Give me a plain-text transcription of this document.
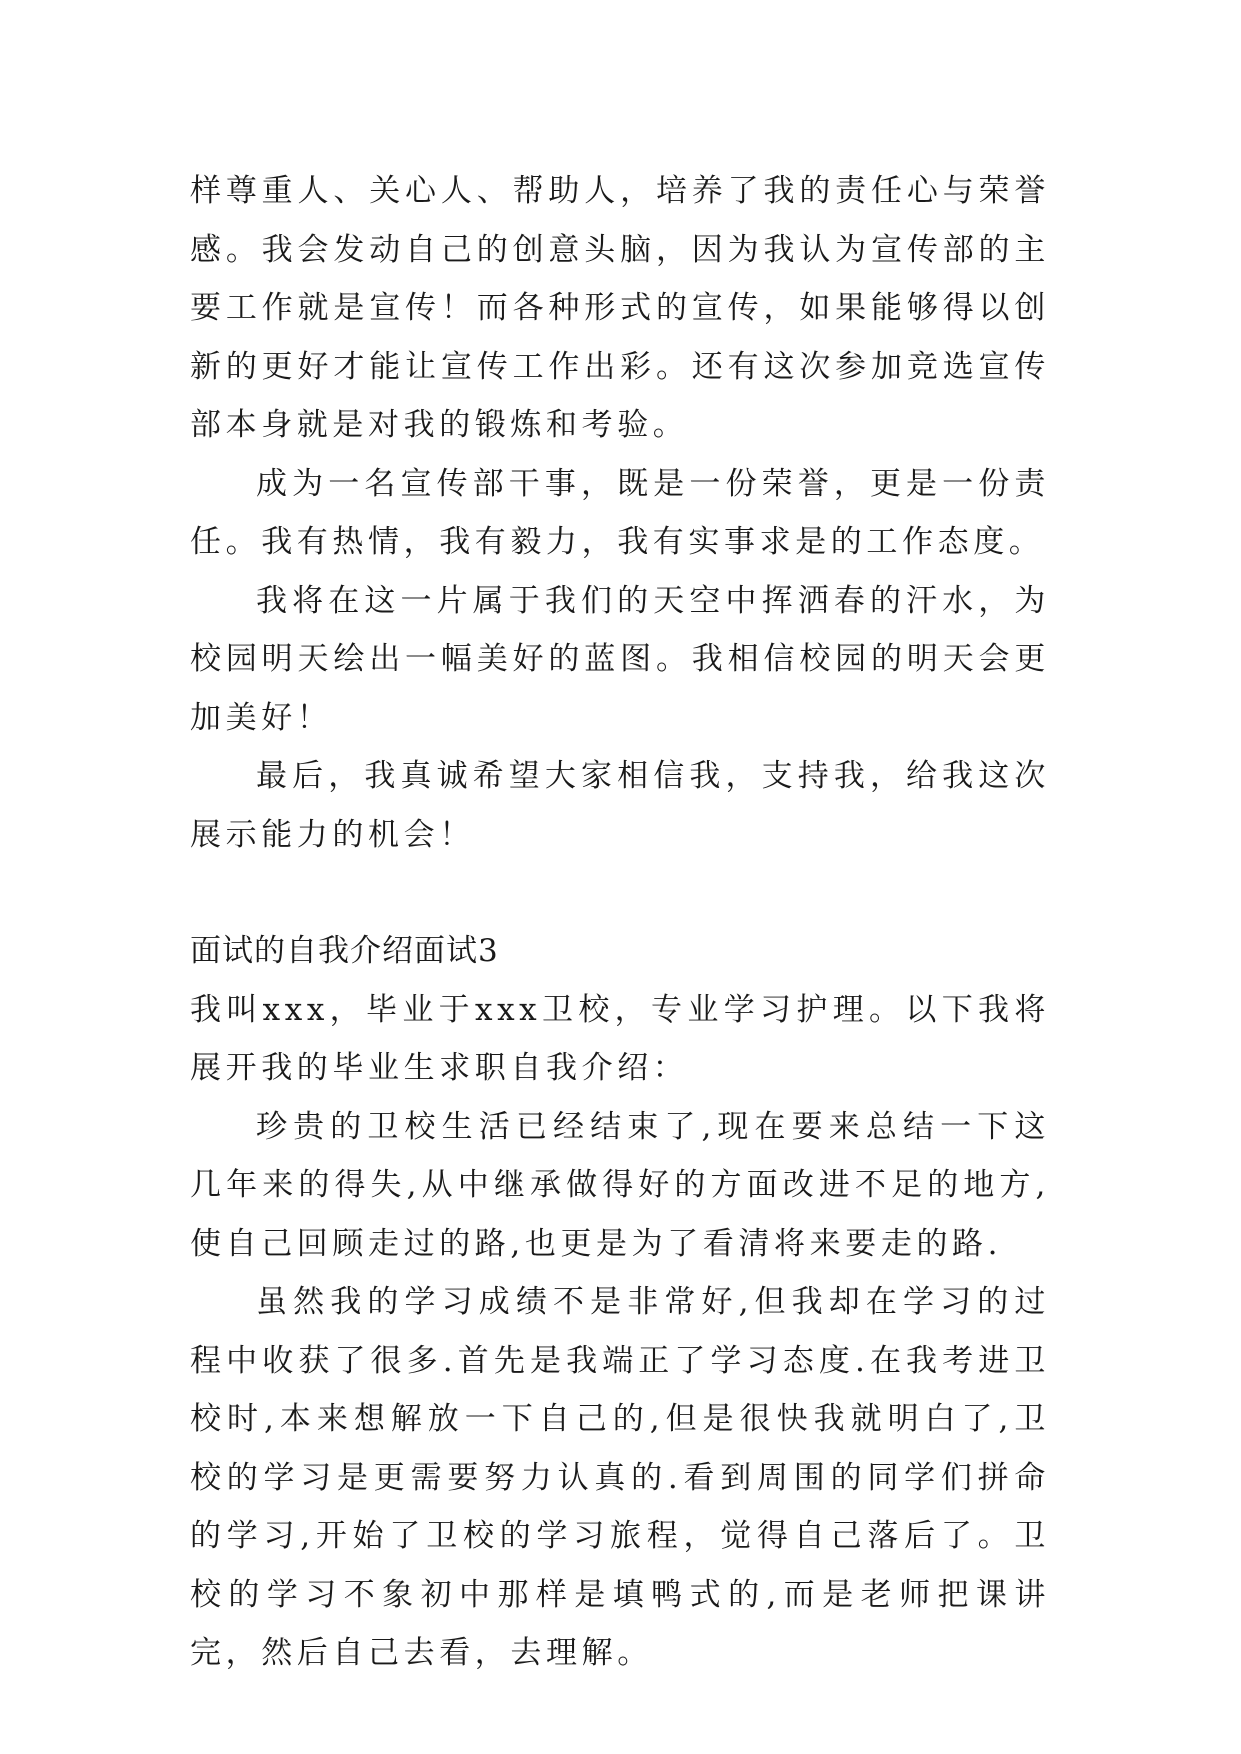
样尊重人、关心人、帮助人，培养了我的责任心与荣誉感。我会发动自己的创意头脑，因为我认为宣传部的主要工作就是宣传！而各种形式的宣传，如果能够得以创新的更好才能让宣传工作出彩。还有这次参加竞选宣传部本身就是对我的锻炼和考验。

成为一名宣传部干事，既是一份荣誉，更是一份责任。我有热情，我有毅力，我有实事求是的工作态度。

我将在这一片属于我们的天空中挥洒春的汗水，为校园明天绘出一幅美好的蓝图。我相信校园的明天会更加美好！

最后，我真诚希望大家相信我，支持我，给我这次展示能力的机会！

面试的自我介绍面试3

我叫xxx，毕业于xxx卫校，专业学习护理。以下我将展开我的毕业生求职自我介绍：

珍贵的卫校生活已经结束了,现在要来总结一下这几年来的得失,从中继承做得好的方面改进不足的地方,使自己回顾走过的路,也更是为了看清将来要走的路.

虽然我的学习成绩不是非常好,但我却在学习的过程中收获了很多.首先是我端正了学习态度.在我考进卫校时,本来想解放一下自己的,但是很快我就明白了,卫校的学习是更需要努力认真的.看到周围的同学们拼命的学习,开始了卫校的学习旅程，觉得自己落后了。卫校的学习不象初中那样是填鸭式的,而是老师把课讲完，然后自己去看，去理解。
